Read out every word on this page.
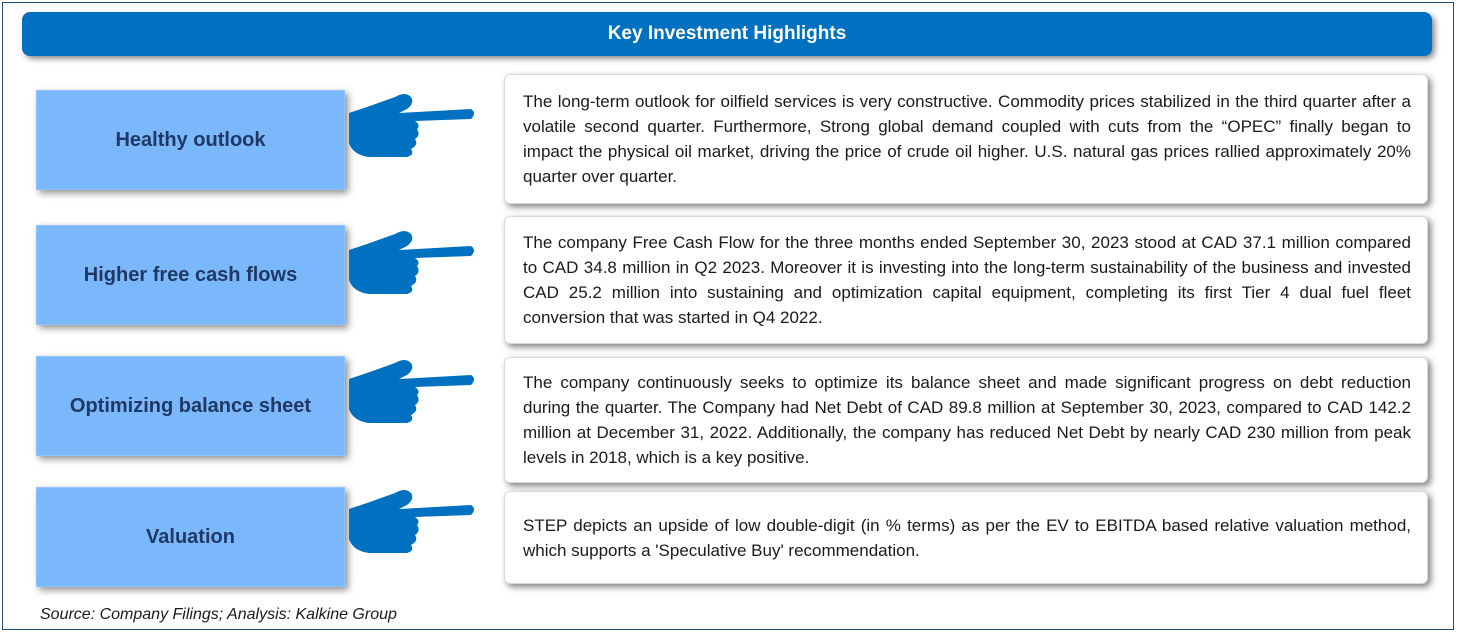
Key Investment Highlights
Healthy outlook

The long-term outlook for oilfield services is very constructive. Commodity prices stabilized in the third quarter after a volatile second quarter. Furthermore, Strong global demand coupled with cuts from the “OPEC” finally began to impact the physical oil market, driving the price of crude oil higher. U.S. natural gas prices rallied approximately 20% quarter over quarter.

Higher free cash flows

The company Free Cash Flow for the three months ended September 30, 2023 stood at CAD 37.1 million compared to CAD 34.8 million in Q2 2023. Moreover it is investing into the long-term sustainability of the business and invested CAD 25.2 million into sustaining and optimization capital equipment, completing its first Tier 4 dual fuel fleet conversion that was started in Q4 2022.

Optimizing balance sheet

The company continuously seeks to optimize its balance sheet and made significant progress on debt reduction during the quarter. The Company had Net Debt of CAD 89.8 million at September 30, 2023, compared to CAD 142.2 million at December 31, 2022. Additionally, the company has reduced Net Debt by nearly CAD 230 million from peak levels in 2018, which is a key positive.

Valuation

STEP depicts an upside of low double-digit (in % terms) as per the EV to EBITDA based relative valuation method, which supports a 'Speculative Buy' recommendation.

Source: Company Filings; Analysis: Kalkine Group
